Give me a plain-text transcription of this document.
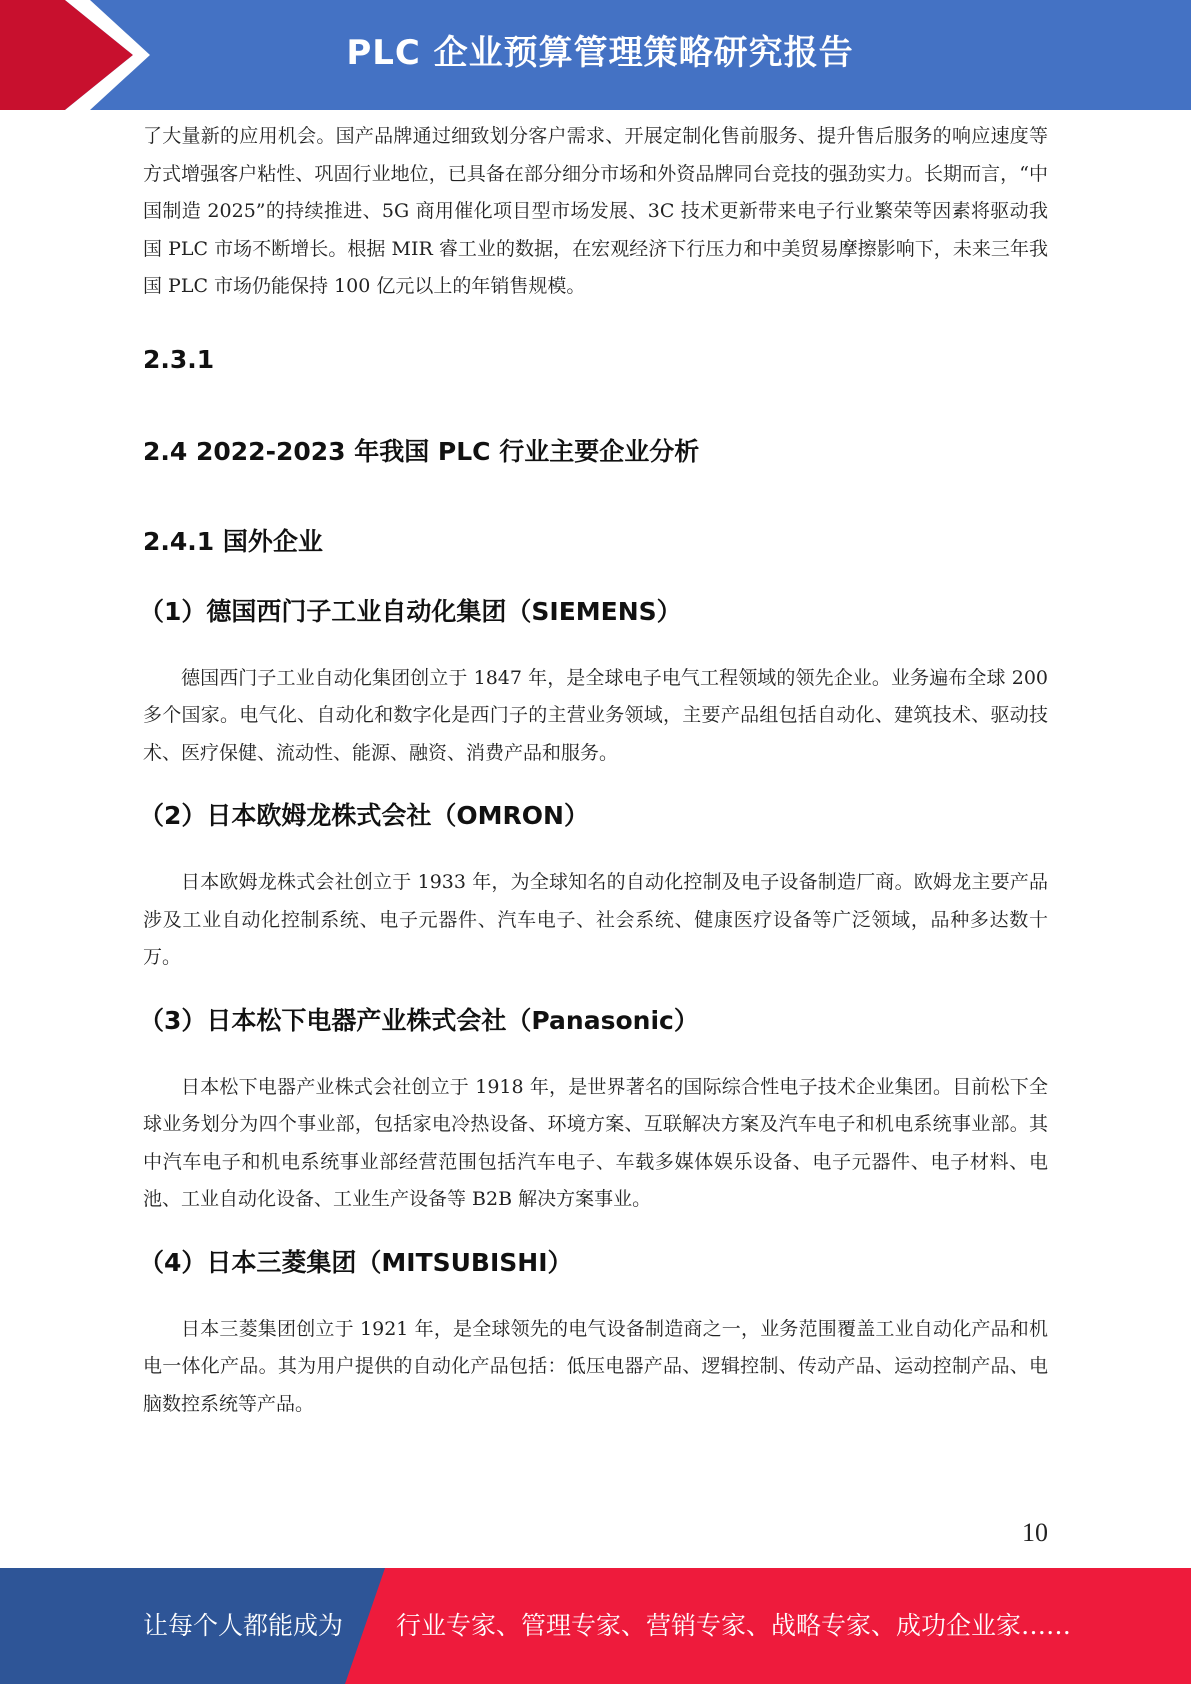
PLC 企业预算管理策略研究报告

了大量新的应用机会。国产品牌通过细致划分客户需求、开展定制化售前服务、提升售后服务的响应速度等方式增强客户粘性、巩固行业地位，已具备在部分细分市场和外资品牌同台竞技的强劲实力。长期而言，“中国制造 2025”的持续推进、5G 商用催化项目型市场发展、3C 技术更新带来电子行业繁荣等因素将驱动我国 PLC 市场不断增长。根据 MIR 睿工业的数据，在宏观经济下行压力和中美贸易摩擦影响下，未来三年我国 PLC 市场仍能保持 100 亿元以上的年销售规模。

2.3.1
2.4 2022-2023 年我国 PLC 行业主要企业分析
2.4.1 国外企业
（1）德国西门子工业自动化集团（SIEMENS）

德国西门子工业自动化集团创立于 1847 年，是全球电子电气工程领域的领先企业。业务遍布全球 200 多个国家。电气化、自动化和数字化是西门子的主营业务领域，主要产品组包括自动化、建筑技术、驱动技术、医疗保健、流动性、能源、融资、消费产品和服务。

（2）日本欧姆龙株式会社（OMRON）

日本欧姆龙株式会社创立于 1933 年，为全球知名的自动化控制及电子设备制造厂商。欧姆龙主要产品涉及工业自动化控制系统、电子元器件、汽车电子、社会系统、健康医疗设备等广泛领域，品种多达数十万。

（3）日本松下电器产业株式会社（Panasonic）

日本松下电器产业株式会社创立于 1918 年，是世界著名的国际综合性电子技术企业集团。目前松下全球业务划分为四个事业部，包括家电冷热设备、环境方案、互联解决方案及汽车电子和机电系统事业部。其中汽车电子和机电系统事业部经营范围包括汽车电子、车载多媒体娱乐设备、电子元器件、电子材料、电池、工业自动化设备、工业生产设备等 B2B 解决方案事业。

（4）日本三菱集团（MITSUBISHI）

日本三菱集团创立于 1921 年，是全球领先的电气设备制造商之一，业务范围覆盖工业自动化产品和机电一体化产品。其为用户提供的自动化产品包括：低压电器产品、逻辑控制、传动产品、运动控制产品、电脑数控系统等产品。

10
让每个人都能成为 行业专家、管理专家、营销专家、战略专家、成功企业家……
